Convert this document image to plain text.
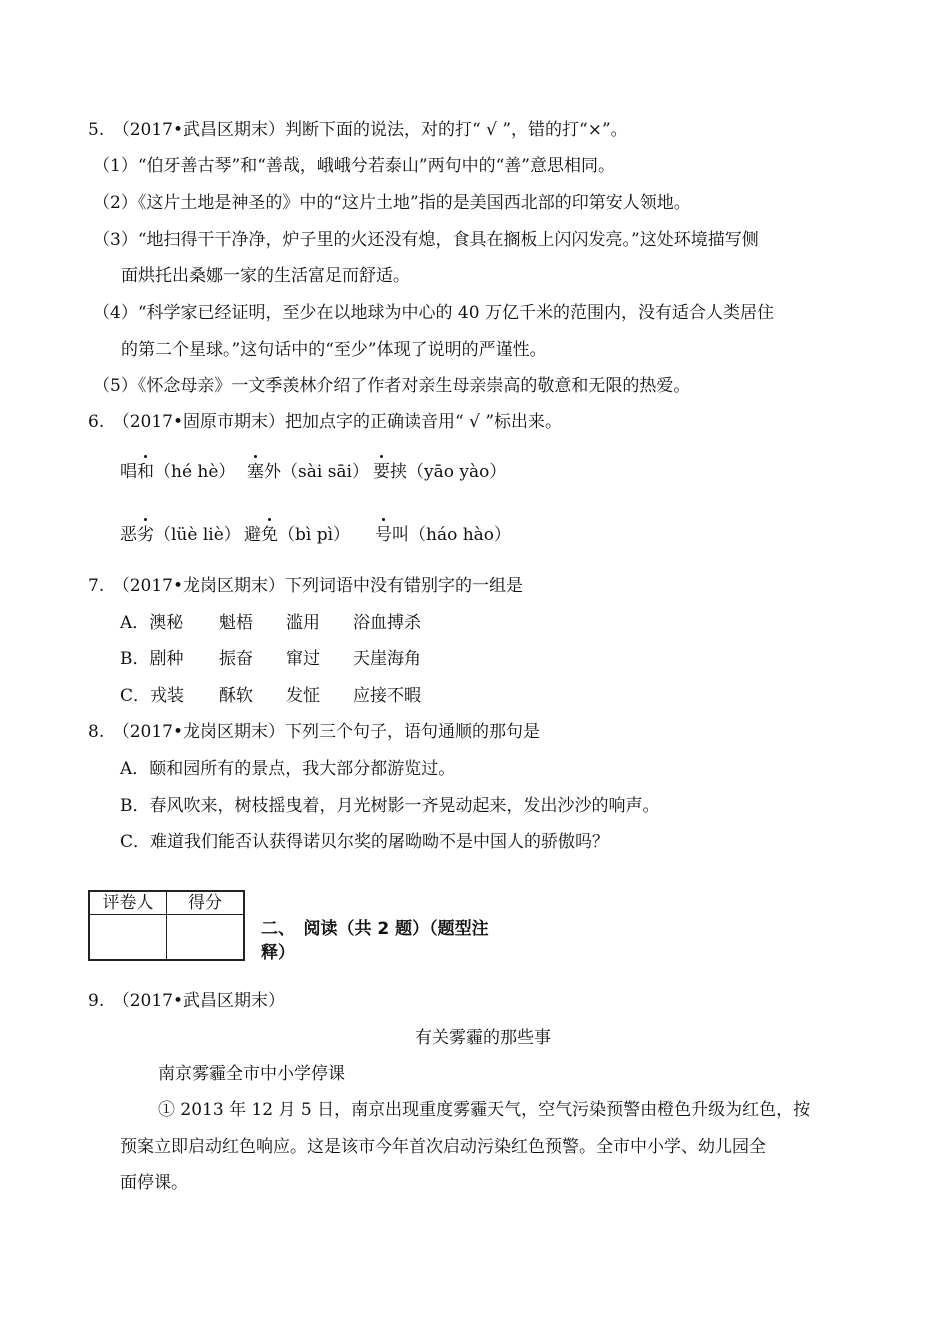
5.　（2017•武昌区期末）判断下面的说法，对的打“ √ ”，错的打“×”。
（1）“伯牙善古琴”和“善哉，峨峨兮若泰山”两句中的“善”意思相同。
（2）《这片土地是神圣的》中的“这片土地”指的是美国西北部的印第安人领地。
（3）“地扫得干干净净，炉子里的火还没有熄，食具在搁板上闪闪发亮。”这处环境描写侧
面烘托出桑娜一家的生活富足而舒适。
（4）“科学家已经证明，至少在以地球为中心的 40 万亿千米的范围内，没有适合人类居住
的第二个星球。”这句话中的“至少”体现了说明的严谨性。
（5）《怀念母亲》一文季羡林介绍了作者对亲生母亲崇高的敬意和无限的热爱。
6.　（2017•固原市期末）把加点字的正确读音用“ √ ”标出来。
唱和（hé hè） 塞外（sài sāi） 要挟（yāo yào）
恶劣（lüè liè） 避免（bì pì） 号叫（háo hào）
7.　（2017•龙岗区期末）下列词语中没有错别字的一组是
A．澳秘 魁梧 滥用 浴血搏杀
B．剧种 振奋 窜过 天崖海角
C．戎装 酥软 发怔 应接不暇
8.　（2017•龙岗区期末）下列三个句子，语句通顺的那句是
A．颐和园所有的景点，我大部分都游览过。
B．春风吹来，树枝摇曳着，月光树影一齐晃动起来，发出沙沙的响声。
C．难道我们能否认获得诺贝尔奖的屠呦呦不是中国人的骄傲吗？
评卷人	得分

二、　阅读（共 2 题）（题型注
释）
9.　（2017•武昌区期末）
有关雾霾的那些事
南京雾霾全市中小学停课
① 2013 年 12 月 5 日，南京出现重度雾霾天气，空气污染预警由橙色升级为红色，按
预案立即启动红色响应。这是该市今年首次启动污染红色预警。全市中小学、幼儿园全
面停课。
